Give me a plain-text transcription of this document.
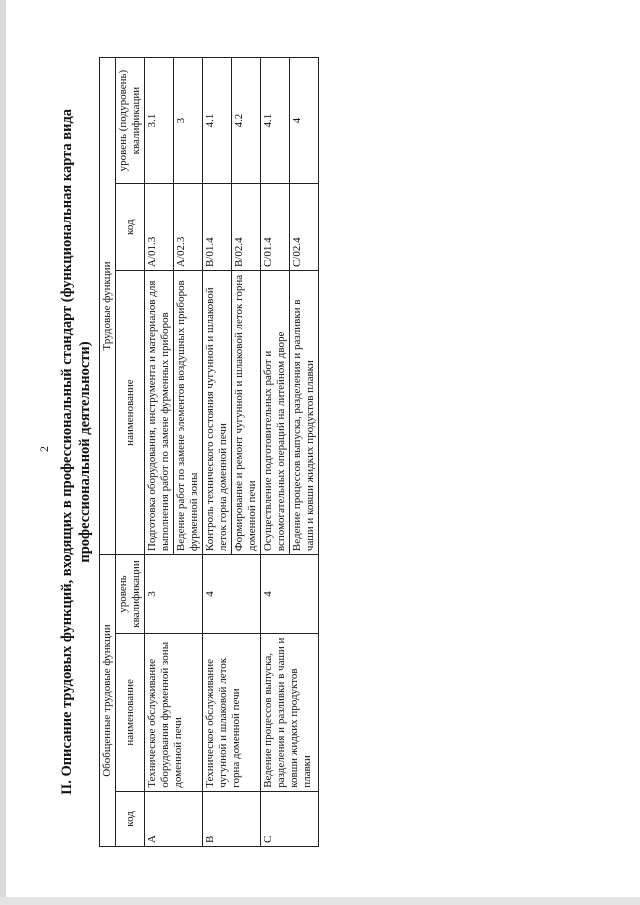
2 II. Описание трудовых функций, входящих в профессиональный стандарт (функциональная карта вида профессиональной деятельности)
Обобщенные трудовые функции			Трудовые функции		
код	наименование	уровень квалификации	наименование	код	уровень (подуровень) квалификации
A	Техническое обслуживание оборудования фурменной зоны доменной печи	3	Подготовка оборудования, инструмента и материалов для выполнения работ по замене фурменных приборов	A/01.3	3.1
			Ведение работ по замене элементов воздушных приборов фурменной зоны	A/02.3	3
B	Техническое обслуживание чугунной и шлаковой леток горна доменной печи	4	Контроль технического состояния чугунной и шлаковой леток горна доменной печи	B/01.4	4.1
			Формирование и ремонт чугунной и шлаковой леток горна доменной печи	B/02.4	4.2
C	Ведение процессов выпуска, разделения и разливки в чаши и ковши жидких продуктов плавки	4	Осуществление подготовительных работ и вспомогательных операций на литейном дворе	C/01.4	4.1
			Ведение процессов выпуска, разделения и разливки в чаши и ковши жидких продуктов плавки	C/02.4	4
